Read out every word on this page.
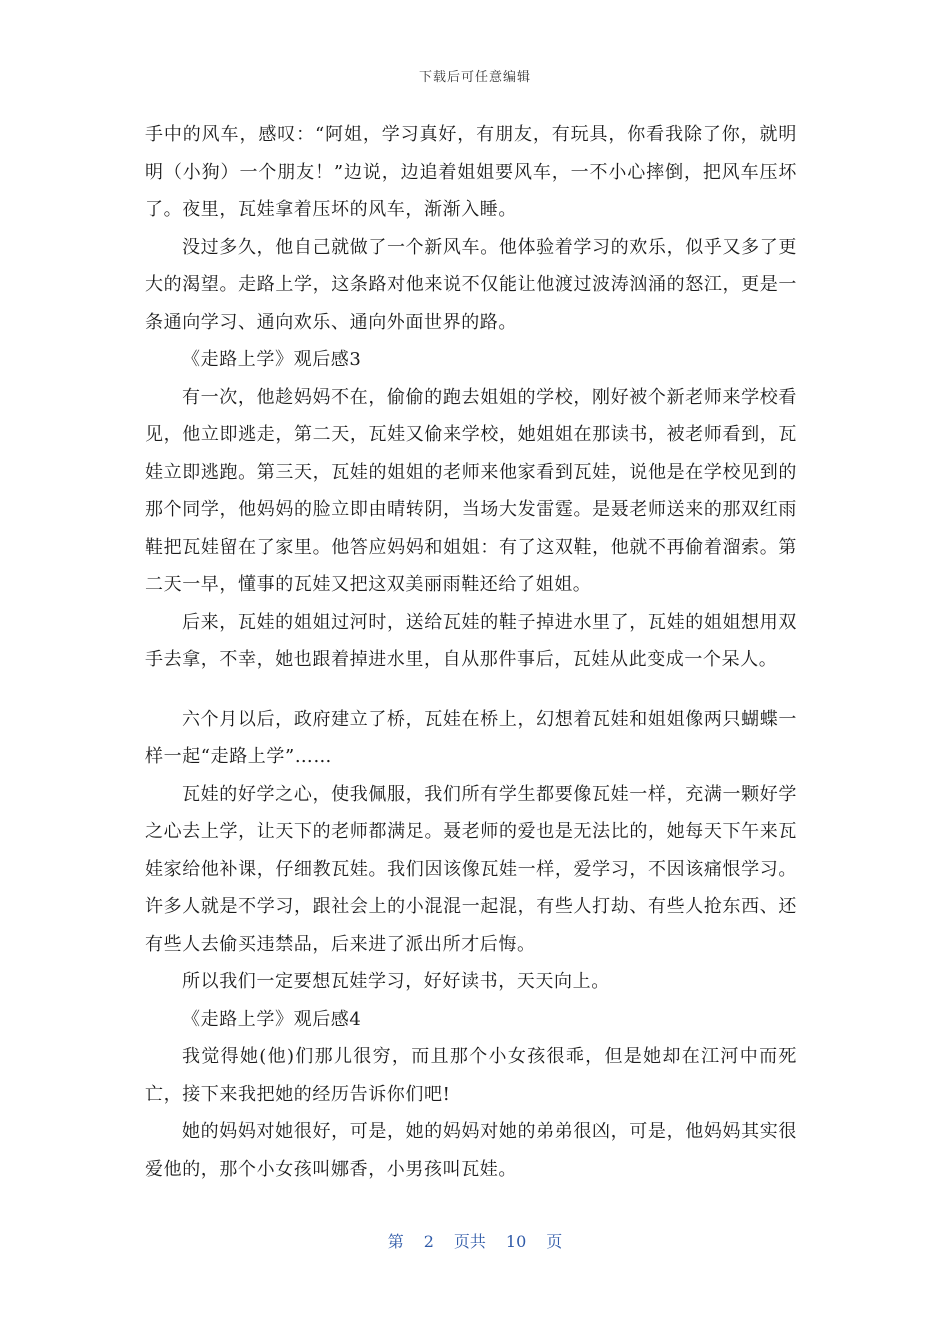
下载后可任意编辑

手中的风车，感叹：“阿姐，学习真好，有朋友，有玩具，你看我除了你，就明明（小狗）一个朋友！”边说，边追着姐姐要风车，一不小心摔倒，把风车压坏了。夜里，瓦娃拿着压坏的风车，渐渐入睡。

没过多久，他自己就做了一个新风车。他体验着学习的欢乐，似乎又多了更大的渴望。走路上学，这条路对他来说不仅能让他渡过波涛汹涌的怒江，更是一条通向学习、通向欢乐、通向外面世界的路。

《走路上学》观后感3

有一次，他趁妈妈不在，偷偷的跑去姐姐的学校，刚好被个新老师来学校看见，他立即逃走，第二天，瓦娃又偷来学校，她姐姐在那读书，被老师看到，瓦娃立即逃跑。第三天，瓦娃的姐姐的老师来他家看到瓦娃，说他是在学校见到的那个同学，他妈妈的脸立即由晴转阴，当场大发雷霆。是聂老师送来的那双红雨鞋把瓦娃留在了家里。他答应妈妈和姐姐：有了这双鞋，他就不再偷着溜索。第二天一早，懂事的瓦娃又把这双美丽雨鞋还给了姐姐。

后来，瓦娃的姐姐过河时，送给瓦娃的鞋子掉进水里了，瓦娃的姐姐想用双手去拿，不幸，她也跟着掉进水里，自从那件事后，瓦娃从此变成一个呆人。

六个月以后，政府建立了桥，瓦娃在桥上，幻想着瓦娃和姐姐像两只蝴蝶一样一起“走路上学”……

瓦娃的好学之心，使我佩服，我们所有学生都要像瓦娃一样，充满一颗好学之心去上学，让天下的老师都满足。聂老师的爱也是无法比的，她每天下午来瓦娃家给他补课，仔细教瓦娃。我们因该像瓦娃一样，爱学习，不因该痛恨学习。许多人就是不学习，跟社会上的小混混一起混，有些人打劫、有些人抢东西、还有些人去偷买违禁品，后来进了派出所才后悔。

所以我们一定要想瓦娃学习，好好读书，天天向上。

《走路上学》观后感4

我觉得她(他)们那儿很穷，而且那个小女孩很乖，但是她却在江河中而死亡，接下来我把她的经历告诉你们吧!

她的妈妈对她很好，可是，她的妈妈对她的弟弟很凶，可是，他妈妈其实很爱他的，那个小女孩叫娜香，小男孩叫瓦娃。

第 2 页共 10 页
